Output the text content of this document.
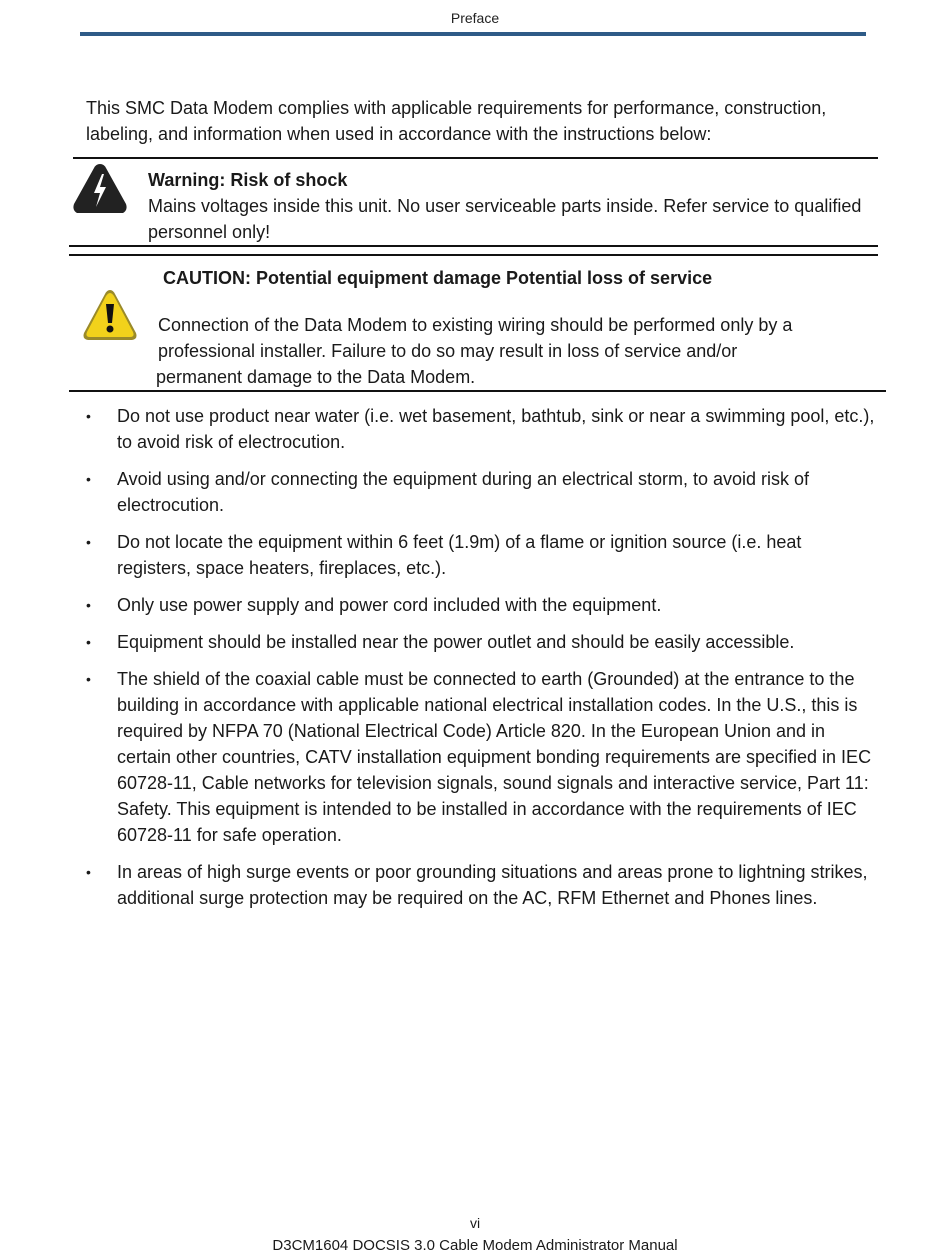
Preface
This SMC Data Modem complies with applicable requirements for performance, construction, labeling, and information when used in accordance with the instructions below:
Warning: Risk of shock
Mains voltages inside this unit. No user serviceable parts inside. Refer service to qualified personnel only!
CAUTION: Potential equipment damage Potential loss of service
Connection of the Data Modem to existing wiring should be performed only by a
professional installer. Failure to do so may result in loss of service and/or
permanent damage to the Data Modem.
• Do not use product near water (i.e. wet basement, bathtub, sink or near a swimming pool, etc.), to avoid risk of electrocution.
• Avoid using and/or connecting the equipment during an electrical storm, to avoid risk of electrocution.
• Do not locate the equipment within 6 feet (1.9m) of a flame or ignition source (i.e. heat registers, space heaters, fireplaces, etc.).
• Only use power supply and power cord included with the equipment.
• Equipment should be installed near the power outlet and should be easily accessible.
• The shield of the coaxial cable must be connected to earth (Grounded) at the entrance to the building in accordance with applicable national electrical installation codes. In the U.S., this is required by NFPA 70 (National Electrical Code) Article 820. In the European Union and in certain other countries, CATV installation equipment bonding requirements are specified in IEC 60728-11, Cable networks for television signals, sound signals and interactive service, Part 11: Safety. This equipment is intended to be installed in accordance with the requirements of IEC 60728-11 for safe operation.
• In areas of high surge events or poor grounding situations and areas prone to lightning strikes, additional surge protection may be required on the AC, RFM Ethernet and Phones lines.
vi
D3CM1604 DOCSIS 3.0 Cable Modem Administrator Manual
